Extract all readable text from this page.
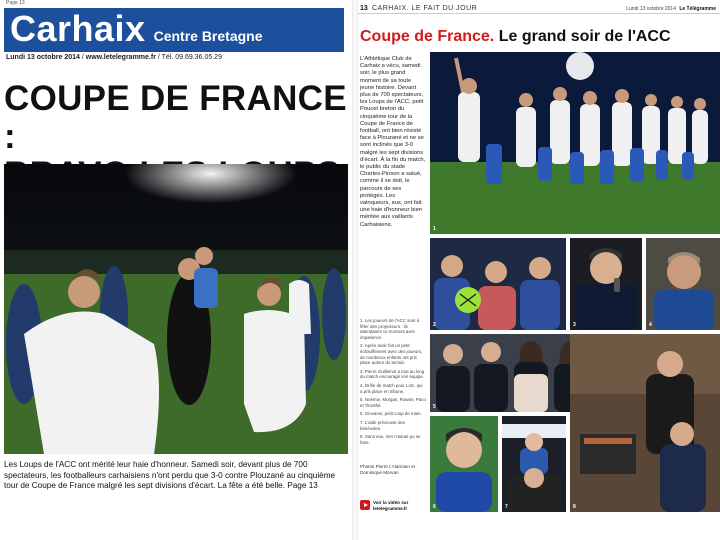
Page 13
Carhaix Centre Bretagne
Lundi 13 octobre 2014 / www.letelegramme.fr / Tél. 09.69.36.05.29
COUPE DE FRANCE :
Les Loups de l'ACC ont mérité leur haie d'honneur. Samedi soir, devant plus de 700 spectateurs, les footballeurs carhaisiens n'ont perdu que 3-0 contre Plouzané au cinquième tour de Coupe de France malgré les sept divisions d'écart. La fête a été belle. Page 13
13 CARHAIX. LE FAIT DU JOUR	Lundi 13 octobre 2014 Le Télégramme
Coupe de France. Le grand soir de l'ACC
L'Athlétique Club de Carhaix a vécu, samedi soir, le plus grand moment de sa toute jeune histoire. Devant plus de 700 spectateurs, les Loups de l'ACC, petit Poucet breton du cinquième tour de la Coupe de France de football, ont bien résisté face à Plouzané et ne se sont inclinés que 3-0 malgré les sept divisions d'écart. À la fin du match, le public du stade Charles-Pinson a salué, comme il se doit, le parcours de ses protégés. Les vainqueurs, eux, ont fait une haie d'honneur bien méritée aux vaillants Carhaisiens.
1
2	3	4
5
6	7	8

1. Les joueurs de l'ACC sont à fêter des projecteurs : ils attendaient ce moment avec impatience.

2. Après avoir fait un petit échauffement avec des joueurs, de nombreux enfants ont pris place autour du terrain.

3. Pierre Guillemot a tout au long du match encouragé son équipe.

4. Drôle de match pour Loïc, qui a pris place en tribune.

5. Noémie, Morgan, Rowan, Paco et Timothé.

6. Giovanni, petit coup de main.

7. L'aide précieuse des bénévoles.

8. Sans eux, rien n'aurait pu se faire.

Photos Pierre L'Harmion et Dominique Morvan
Voir la vidéo sur letelegramme.fr
